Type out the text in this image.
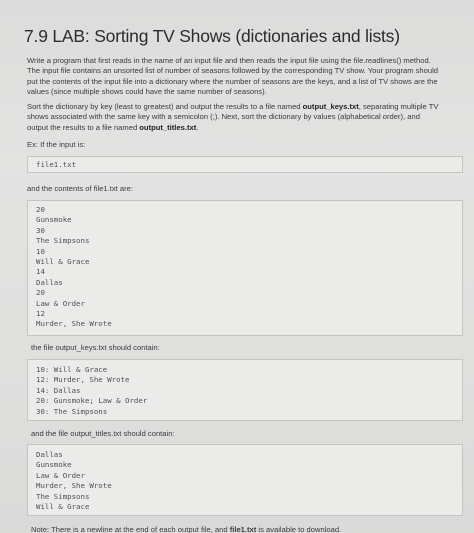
7.9 LAB: Sorting TV Shows (dictionaries and lists)

Write a program that first reads in the name of an input file and then reads the input file using the file.readlines() method.
The input file contains an unsorted list of number of seasons followed by the corresponding TV show. Your program should
put the contents of the input file into a dictionary where the number of seasons are the keys, and a list of TV shows are the
values (since multiple shows could have the same number of seasons).

Sort the dictionary by key (least to greatest) and output the results to a file named output_keys.txt, separating multiple TV
shows associated with the same key with a semicolon (;). Next, sort the dictionary by values (alphabetical order), and
output the results to a file named output_titles.txt.

Ex: If the input is:

file1.txt

and the contents of file1.txt are:

20
Gunsmoke
30
The Simpsons
10
Will & Grace
14
Dallas
20
Law & Order
12
Murder, She Wrote

the file output_keys.txt should contain:

10: Will & Grace
12: Murder, She Wrote
14: Dallas
20: Gunsmoke; Law & Order
30: The Simpsons

and the file output_titles.txt should contain:

Dallas
Gunsmoke
Law & Order
Murder, She Wrote
The Simpsons
Will & Grace

Note: There is a newline at the end of each output file, and file1.txt is available to download.
